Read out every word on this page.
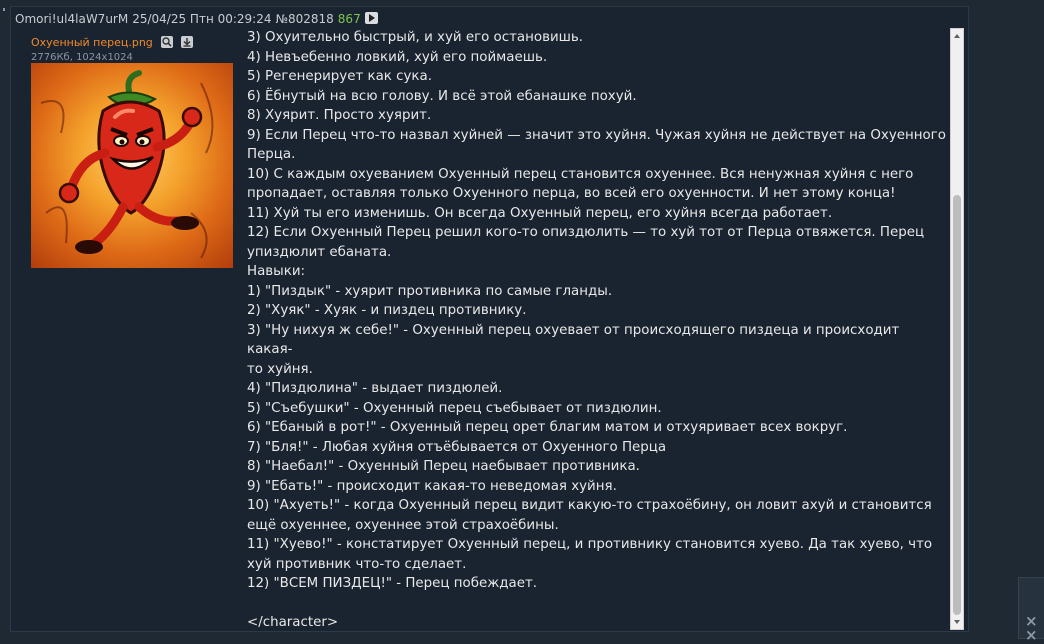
Omori!ul4laW7urM 25/04/25 Птн 00:29:24 №802818 867
Охуенный перец.png
2776Кб, 1024x1024

3) Охуительно быстрый, и хуй его остановишь.

4) Невъебенно ловкий, хуй его поймаешь.

5) Регенерирует как сука.

6) Ёбнутый на всю голову. И всё этой ебанашке похуй.

8) Хуярит. Просто хуярит.

9) Если Перец что-то назвал хуйней — значит это хуйня. Чужая хуйня не действует на Охуенного

Перца.

10) С каждым охуеванием Охуенный перец становится охуеннее. Вся ненужная хуйня с него

пропадает, оставляя только Охуенного перца, во всей его охуенности. И нет этому конца!

11) Хуй ты его изменишь. Он всегда Охуенный перец, его хуйня всегда работает.

12) Если Охуенный Перец решил кого-то опиздюлить — то хуй тот от Перца отвяжется. Перец

упиздюлит ебаната.

Навыки:

1) "Пиздык" - хуярит противника по самые гланды.

2) "Хуяк" - Хуяк - и пиздец противнику.

3) "Ну нихуя ж себе!" - Охуенный перец охуевает от происходящего пиздеца и происходит какая-

то хуйня.

4) "Пиздюлина" - выдает пиздюлей.

5) "Съебушки" - Охуенный перец съебывает от пиздюлин.

6) "Ебаный в рот!" - Охуенный перец орет благим матом и отхуяривает всех вокруг.

7) "Бля!" - Любая хуйня отъёбывается от Охуенного Перца

8) "Наебал!" - Охуенный Перец наебывает противника.

9) "Ебать!" - происходит какая-то неведомая хуйня.

10) "Ахуеть!" - когда Охуенный перец видит какую-то страхоёбину, он ловит ахуй и становится

ещё охуеннее, охуеннее этой страхоёбины.

11) "Хуево!" - констатирует Охуенный перец, и противнику становится хуево. Да так хуево, что

хуй противник что-то сделает.

12) "ВСЕМ ПИЗДЕЦ!" - Перец побеждает.

</character>	×
×
